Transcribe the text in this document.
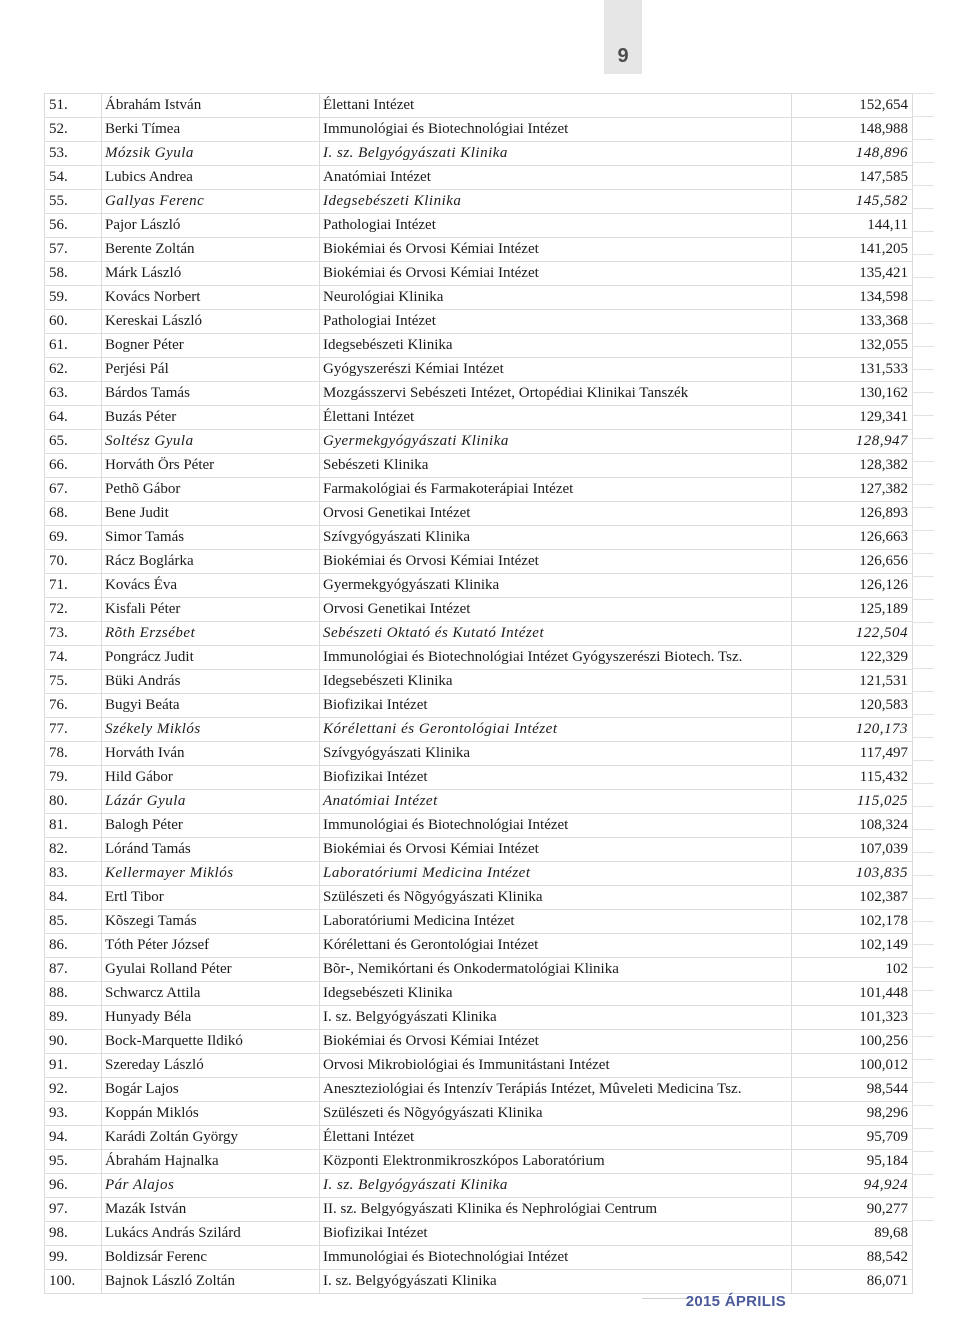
9
51.	Ábrahám István	Élettani Intézet	152,654
52.	Berki Tímea	Immunológiai és Biotechnológiai Intézet	148,988
53.	Mózsik Gyula	I. sz. Belgyógyászati Klinika	148,896
54.	Lubics Andrea	Anatómiai Intézet	147,585
55.	Gallyas Ferenc	Idegsebészeti Klinika	145,582
56.	Pajor László	Pathologiai Intézet	144,11
57.	Berente Zoltán	Biokémiai és Orvosi Kémiai Intézet	141,205
58.	Márk László	Biokémiai és Orvosi Kémiai Intézet	135,421
59.	Kovács Norbert	Neurológiai Klinika	134,598
60.	Kereskai László	Pathologiai Intézet	133,368
61.	Bogner Péter	Idegsebészeti Klinika	132,055
62.	Perjési Pál	Gyógyszerészi Kémiai Intézet	131,533
63.	Bárdos Tamás	Mozgásszervi Sebészeti Intézet, Ortopédiai Klinikai Tanszék	130,162
64.	Buzás Péter	Élettani Intézet	129,341
65.	Soltész Gyula	Gyermekgyógyászati Klinika	128,947
66.	Horváth Örs Péter	Sebészeti Klinika	128,382
67.	Pethõ Gábor	Farmakológiai és Farmakoterápiai Intézet	127,382
68.	Bene Judit	Orvosi Genetikai Intézet	126,893
69.	Simor Tamás	Szívgyógyászati Klinika	126,663
70.	Rácz Boglárka	Biokémiai és Orvosi Kémiai Intézet	126,656
71.	Kovács Éva	Gyermekgyógyászati Klinika	126,126
72.	Kisfali Péter	Orvosi Genetikai Intézet	125,189
73.	Rõth Erzsébet	Sebészeti Oktató és Kutató Intézet	122,504
74.	Pongrácz Judit	Immunológiai és Biotechnológiai Intézet Gyógyszerészi Biotech. Tsz.	122,329
75.	Büki András	Idegsebészeti Klinika	121,531
76.	Bugyi Beáta	Biofizikai Intézet	120,583
77.	Székely Miklós	Kórélettani és Gerontológiai Intézet	120,173
78.	Horváth Iván	Szívgyógyászati Klinika	117,497
79.	Hild Gábor	Biofizikai Intézet	115,432
80.	Lázár Gyula	Anatómiai Intézet	115,025
81.	Balogh Péter	Immunológiai és Biotechnológiai Intézet	108,324
82.	Lóránd Tamás	Biokémiai és Orvosi Kémiai Intézet	107,039
83.	Kellermayer Miklós	Laboratóriumi Medicina Intézet	103,835
84.	Ertl Tibor	Szülészeti és Nõgyógyászati Klinika	102,387
85.	Kõszegi Tamás	Laboratóriumi Medicina Intézet	102,178
86.	Tóth Péter József	Kórélettani és Gerontológiai Intézet	102,149
87.	Gyulai Rolland Péter	Bõr-, Nemikórtani és Onkodermatológiai Klinika	102
88.	Schwarcz Attila	Idegsebészeti Klinika	101,448
89.	Hunyady Béla	I. sz. Belgyógyászati Klinika	101,323
90.	Bock-Marquette Ildikó	Biokémiai és Orvosi Kémiai Intézet	100,256
91.	Szereday László	Orvosi Mikrobiológiai és Immunitástani Intézet	100,012
92.	Bogár Lajos	Aneszteziológiai és Intenzív Terápiás Intézet, Mûveleti Medicina Tsz.	98,544
93.	Koppán Miklós	Szülészeti és Nõgyógyászati Klinika	98,296
94.	Karádi Zoltán György	Élettani Intézet	95,709
95.	Ábrahám Hajnalka	Központi Elektronmikroszkópos Laboratórium	95,184
96.	Pár Alajos	I. sz. Belgyógyászati Klinika	94,924
97.	Mazák István	II. sz. Belgyógyászati Klinika és Nephrológiai Centrum	90,277
98.	Lukács András Szilárd	Biofizikai Intézet	89,68
99.	Boldizsár Ferenc	Immunológiai és Biotechnológiai Intézet	88,542
100.	Bajnok László Zoltán	I. sz. Belgyógyászati Klinika	86,071
2015 ÁPRILIS
